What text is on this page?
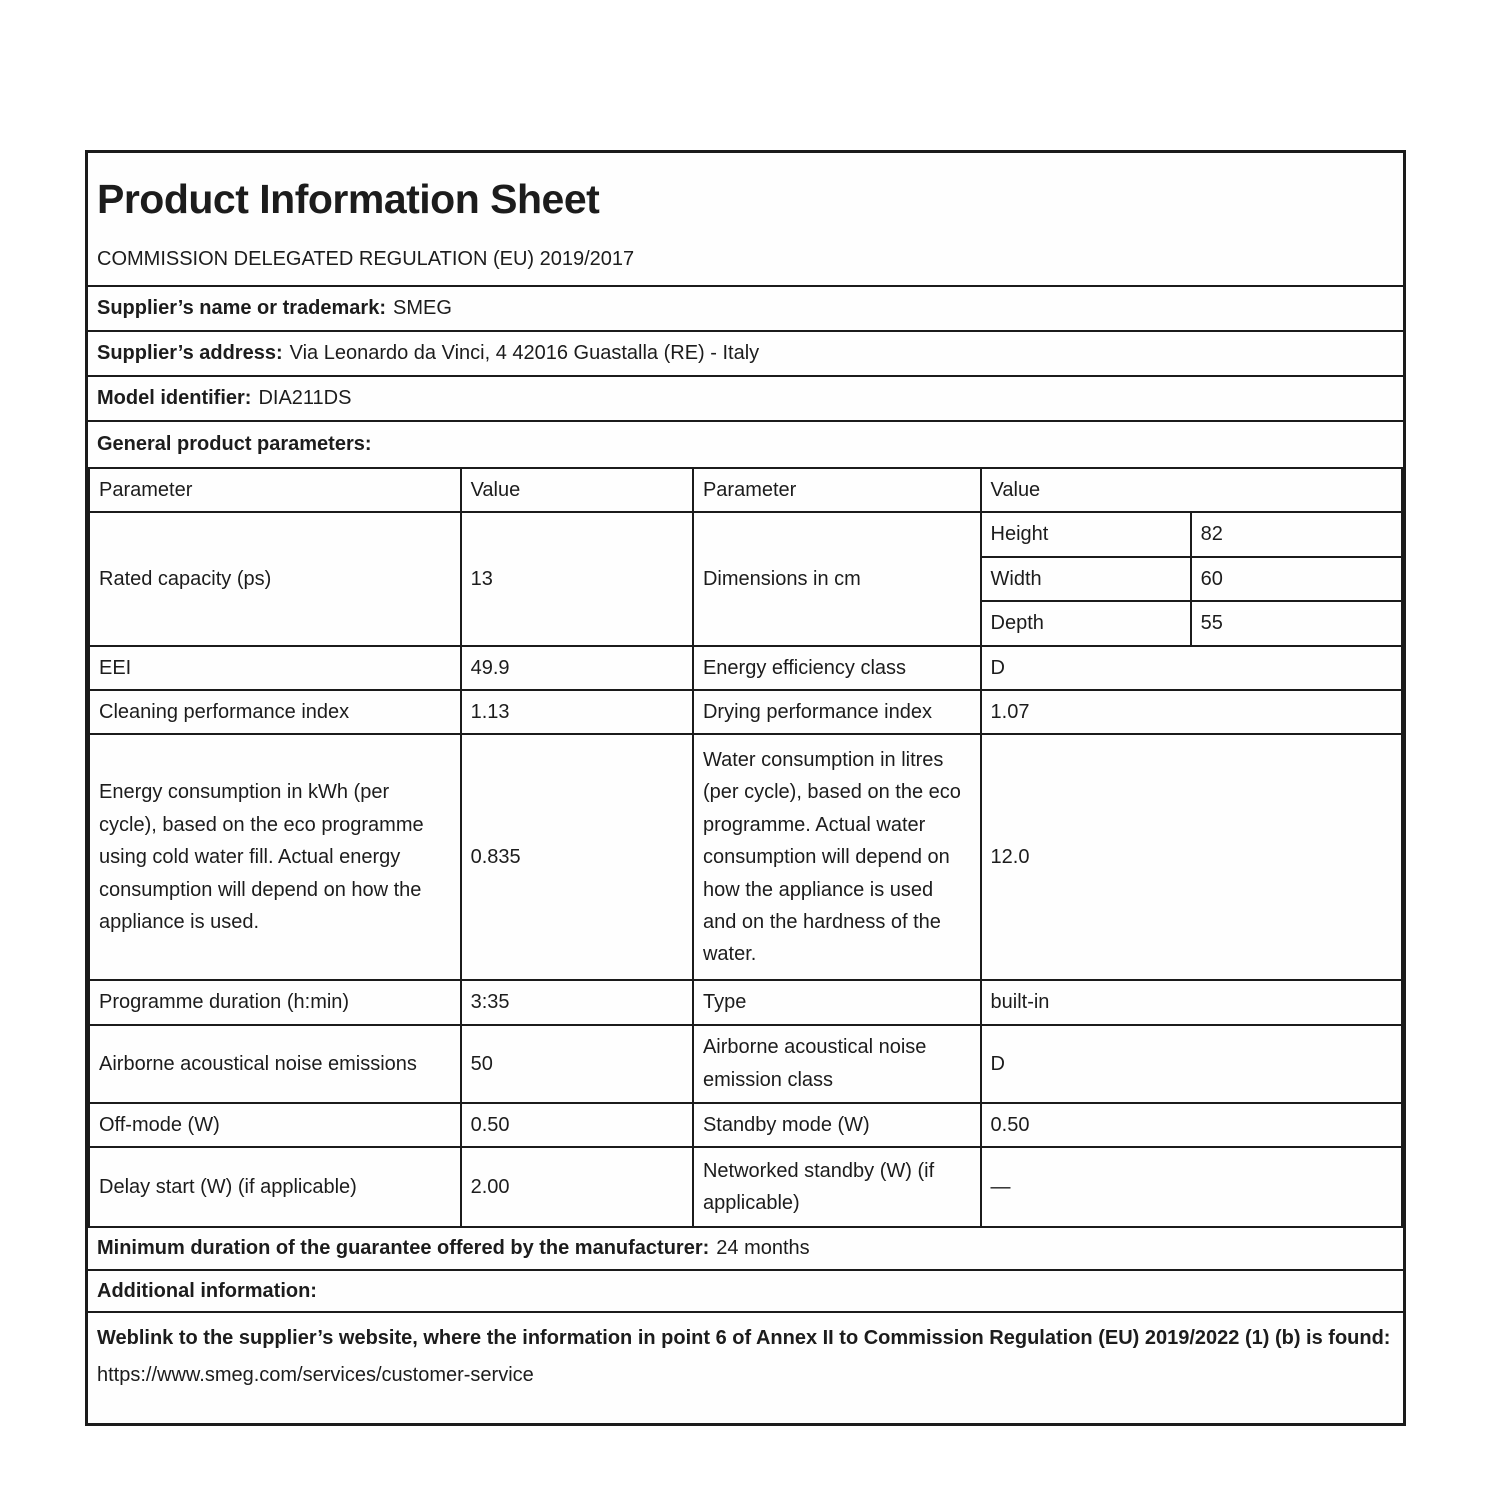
Product Information Sheet

COMMISSION DELEGATED REGULATION (EU) 2019/2017

Supplier’s name or trademark: SMEG
Supplier’s address: Via Leonardo da Vinci, 4 42016 Guastalla (RE) - Italy
Model identifier: DIA211DS
General product parameters:
Parameter	Value	Parameter	Value	
Rated capacity (ps)	13	Dimensions in cm	Height	82
			Width	60
			Depth	55
EEI	49.9	Energy efficiency class	D	
Cleaning performance index	1.13	Drying performance index	1.07	
Energy consumption in kWh (per cycle), based on the eco programme using cold water fill. Actual energy consumption will depend on how the appliance is used.	0.835	Water consumption in litres (per cycle), based on the eco programme. Actual water consumption will depend on how the appliance is used and on the hardness of the water.	12.0	
Programme duration (h:min)	3:35	Type	built-in	
Airborne acoustical noise emissions	50	Airborne acoustical noise emission class	D	
Off-mode (W)	0.50	Standby mode (W)	0.50	
Delay start (W) (if applicable)	2.00	Networked standby (W) (if applicable)	—	
Minimum duration of the guarantee offered by the manufacturer: 24 months
Additional information:
Weblink to the supplier’s website, where the information in point 6 of Annex II to Commission Regulation (EU) 2019/2022 (1) (b) is found:
https://www.smeg.com/services/customer-service
